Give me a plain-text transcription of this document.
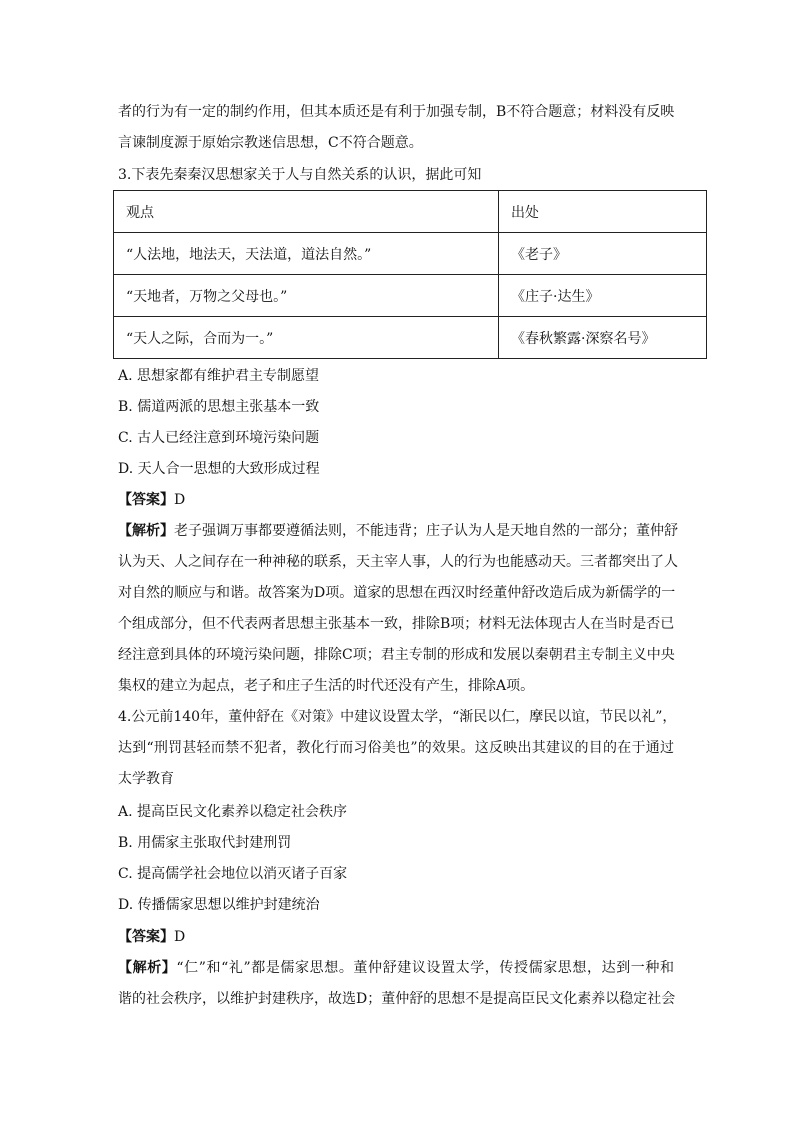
者的行为有一定的制约作用，但其本质还是有利于加强专制，B不符合题意；材料没有反映
言谏制度源于原始宗教迷信思想，C不符合题意。
3.下表先秦秦汉思想家关于人与自然关系的认识，据此可知
观点	出处
“人法地，地法天，天法道，道法自然。”	《老子》
“天地者，万物之父母也。”	《庄子·达生》
“天人之际，合而为一。”	《春秋繁露·深察名号》
A. 思想家都有维护君主专制愿望
B. 儒道两派的思想主张基本一致
C. 古人已经注意到环境污染问题
D. 天人合一思想的大致形成过程
【答案】D
【解析】老子强调万事都要遵循法则，不能违背；庄子认为人是天地自然的一部分；董仲舒
认为天、人之间存在一种神秘的联系，天主宰人事，人的行为也能感动天。三者都突出了人
对自然的顺应与和谐。故答案为D项。道家的思想在西汉时经董仲舒改造后成为新儒学的一
个组成部分，但不代表两者思想主张基本一致，排除B项；材料无法体现古人在当时是否已
经注意到具体的环境污染问题，排除C项；君主专制的形成和发展以秦朝君主专制主义中央
集权的建立为起点，老子和庄子生活的时代还没有产生，排除A项。
4.公元前140年，董仲舒在《对策》中建议设置太学，“渐民以仁，摩民以谊，节民以礼”，
达到“刑罚甚轻而禁不犯者，教化行而习俗美也”的效果。这反映出其建议的目的在于通过
太学教育
A. 提高臣民文化素养以稳定社会秩序
B. 用儒家主张取代封建刑罚
C. 提高儒学社会地位以消灭诸子百家
D. 传播儒家思想以维护封建统治
【答案】D
【解析】“仁”和“礼”都是儒家思想。董仲舒建议设置太学，传授儒家思想，达到一种和
谐的社会秩序，以维护封建秩序，故选D；董仲舒的思想不是提高臣民文化素养以稳定社会
